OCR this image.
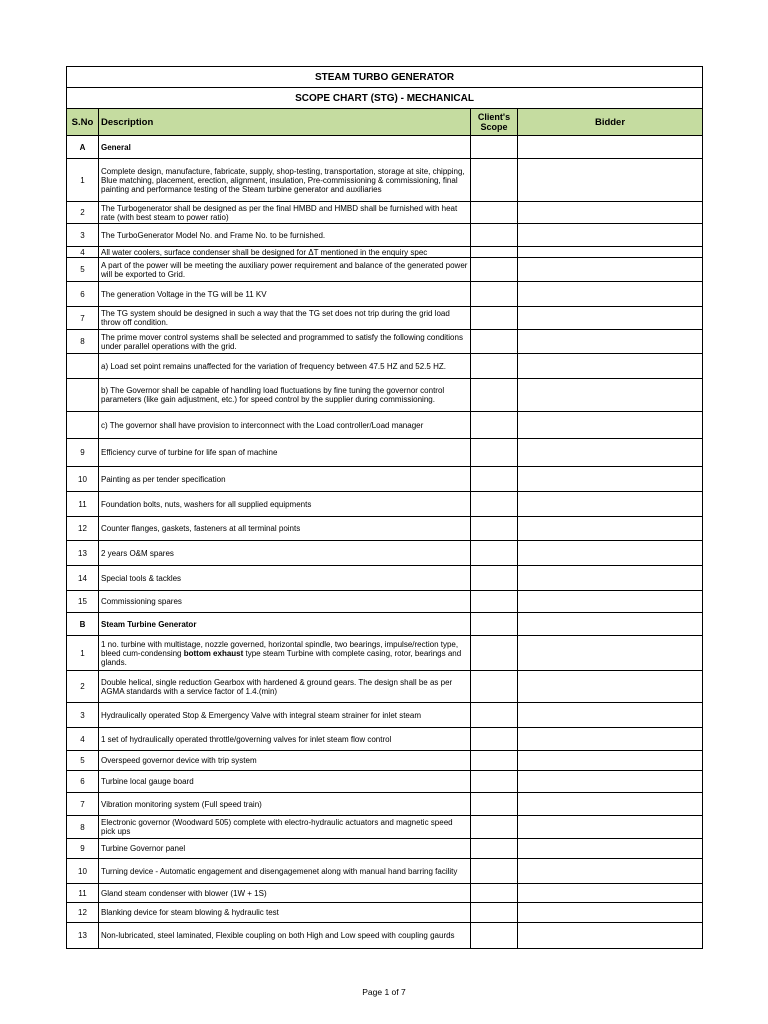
STEAM TURBO GENERATOR			
SCOPE CHART (STG) - MECHANICAL			
S.No	Description	Client's Scope	Bidder
A	General		
1	Complete design, manufacture, fabricate, supply, shop-testing, transportation, storage at site, chipping, Blue matching, placement, erection, alignment, insulation, Pre-commissioning & commissioning, final painting and performance testing of the Steam turbine generator and auxiliaries		
2	The Turbogenerator shall be designed as per the final HMBD and HMBD shall be furnished with heat rate (with best steam to power ratio)		
3	The TurboGenerator Model No. and Frame No. to be furnished.		
4	All water coolers, surface condenser shall be designed for ΔT mentioned in the enquiry spec		
5	A part of the power will be meeting the auxiliary power requirement and balance of the generated power will be exported to Grid.		
6	The generation Voltage in the TG will be 11 KV		
7	The TG system should be designed in such a way that the TG set does not trip during the grid load throw off condition.		
8	The prime mover control systems shall be selected and programmed to satisfy the following conditions under parallel operations with the grid.		
	a) Load set point remains unaffected for the variation of frequency between 47.5 HZ and 52.5 HZ.		
	b) The Governor shall be capable of handling load fluctuations by fine tuning the governor control parameters (like gain adjustment, etc.) for speed control by the supplier during commissioning.		
	c) The governor shall have provision to interconnect with the Load controller/Load manager		
9	Efficiency curve of turbine for life span of machine		
10	Painting as per tender specification		
11	Foundation bolts, nuts, washers for all supplied equipments		
12	Counter flanges, gaskets, fasteners at all terminal points		
13	2 years O&M spares		
14	Special tools & tackles		
15	Commissioning spares		
B	Steam Turbine Generator		
1	1 no. turbine with multistage, nozzle governed, horizontal spindle, two bearings, impulse/rection type, bleed cum-condensing bottom exhaust type steam Turbine with complete casing, rotor, bearings and glands.		
2	Double helical, single reduction Gearbox with hardened & ground gears. The design shall be as per AGMA standards with a service factor of 1.4.(min)		
3	Hydraulically operated Stop & Emergency Valve with integral steam strainer for inlet steam		
4	1 set of hydraulically operated throttle/governing valves for inlet steam flow control		
5	Overspeed governor device with trip system		
6	Turbine local gauge board		
7	Vibration monitoring system (Full speed train)		
8	Electronic governor (Woodward 505) complete with electro-hydraulic actuators and magnetic speed pick ups		
9	Turbine Governor panel		
10	Turning device - Automatic engagement and disengagemenet along with manual hand barring facility		
11	Gland steam condenser with blower (1W + 1S)		
12	Blanking device for steam blowing & hydraulic test		
13	Non-lubricated, steel laminated, Flexible coupling on both High and Low speed with coupling gaurds		
Page 1 of 7
